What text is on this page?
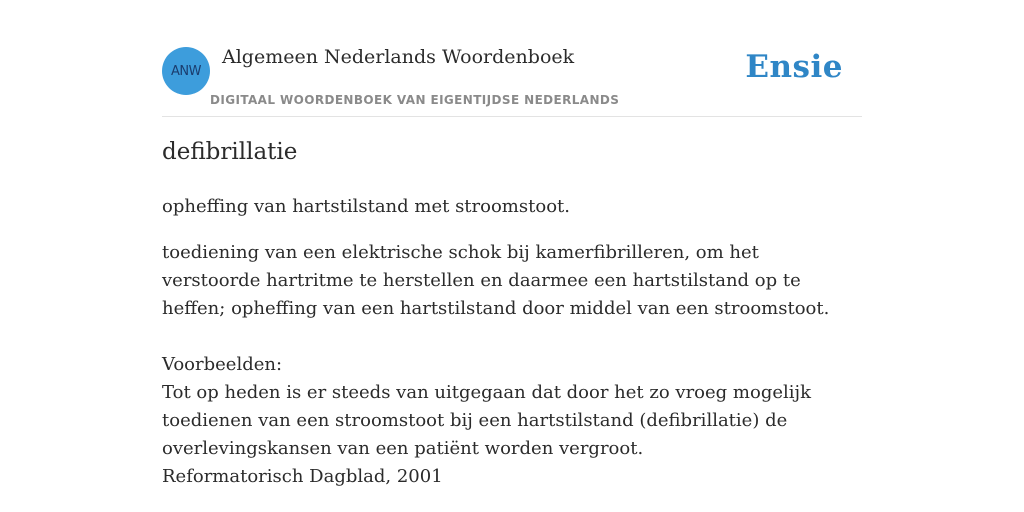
ANW
Algemeen Nederlands Woordenboek
DIGITAAL WOORDENBOEK VAN EIGENTIJDSE NEDERLANDS
Ensie
defibrillatie

opheffing van hartstilstand met stroomstoot.

toediening van een elektrische schok bij kamerfibrilleren, om het verstoorde hartritme te herstellen en daarmee een hartstilstand op te heffen; opheffing van een hartstilstand door middel van een stroomstoot.

Voorbeelden:

Tot op heden is er steeds van uitgegaan dat door het zo vroeg mogelijk toedienen van een stroomstoot bij een hartstilstand (defibrillatie) de overlevingskansen van een patiënt worden vergroot.

Reformatorisch Dagblad, 2001
